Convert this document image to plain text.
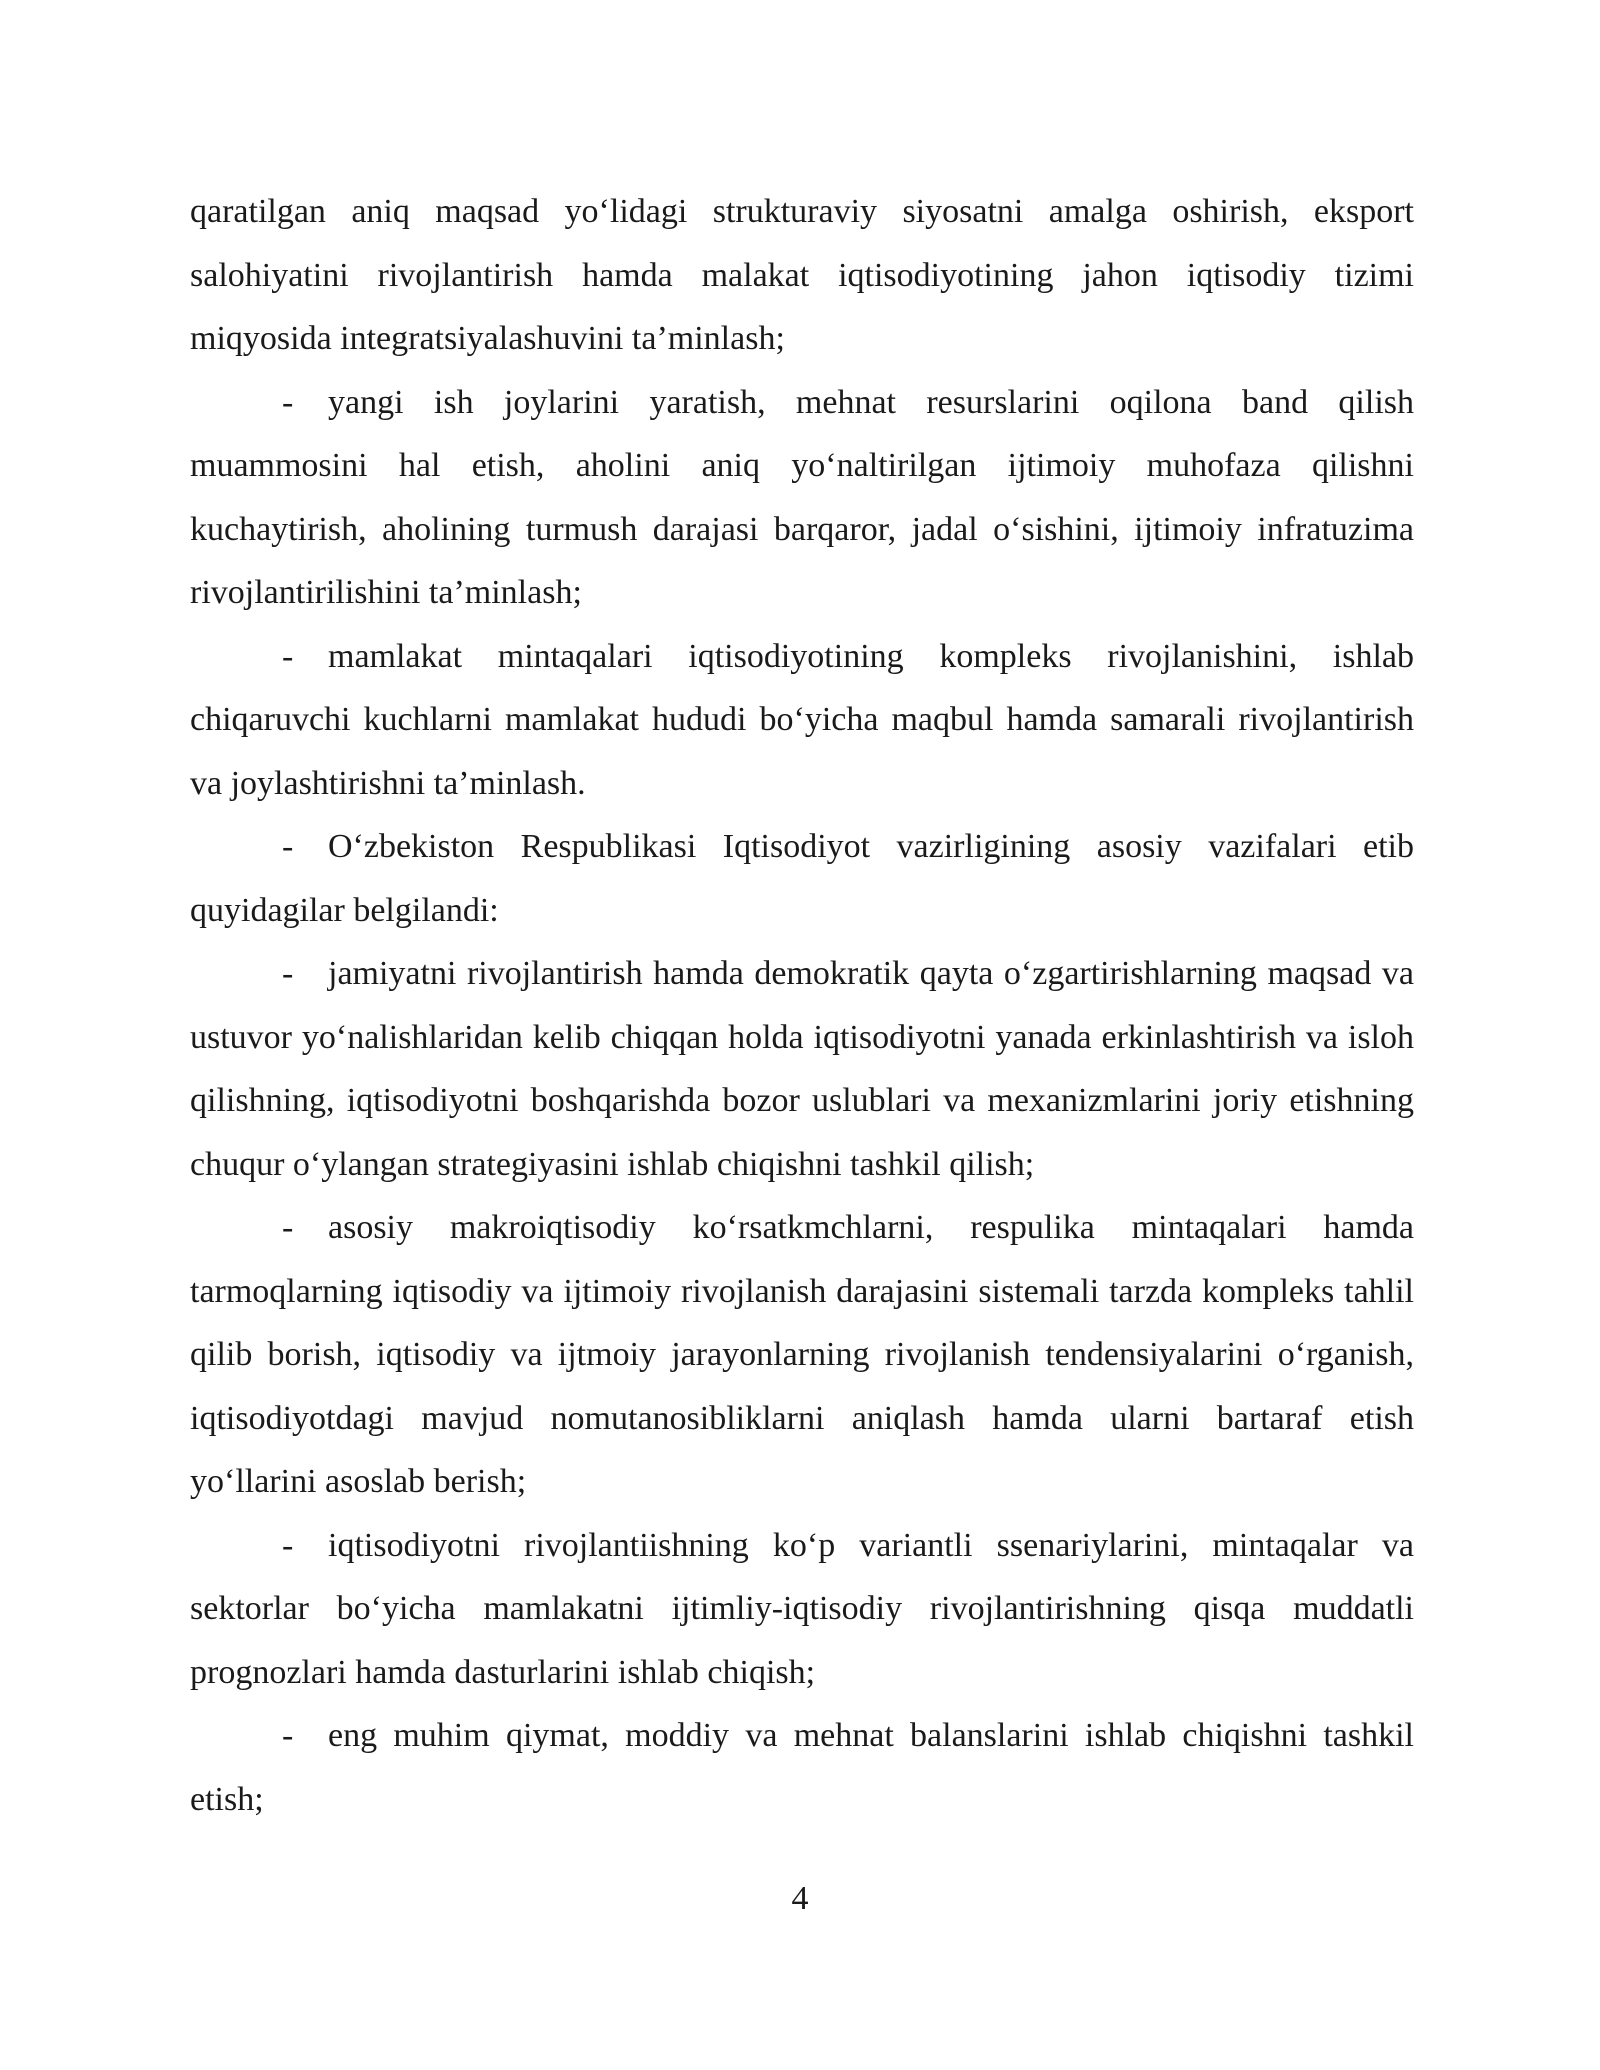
qaratilgan aniq maqsad yo‘lidagi strukturaviy siyosatni amalga oshirish, eksport salohiyatini rivojlantirish hamda malakat iqtisodiyotining jahon iqtisodiy tizimi miqyosida integratsiyalashuvini ta’minlash;

- yangi ish joylarini yaratish, mehnat resurslarini oqilona band qilish muammosini hal etish, aholini aniq yo‘naltirilgan ijtimoiy muhofaza qilishni kuchaytirish, aholining turmush darajasi barqaror, jadal o‘sishini, ijtimoiy infratuzima rivojlantirilishini ta’minlash;

- mamlakat mintaqalari iqtisodiyotining kompleks rivojlanishini, ishlab chiqaruvchi kuchlarni mamlakat hududi bo‘yicha maqbul hamda samarali rivojlantirish va joylashtirishni ta’minlash.

- O‘zbekiston Respublikasi Iqtisodiyot vazirligining asosiy vazifalari etib quyidagilar belgilandi:

- jamiyatni rivojlantirish hamda demokratik qayta o‘zgartirishlarning maqsad va ustuvor yo‘nalishlaridan kelib chiqqan holda iqtisodiyotni yanada erkinlashtirish va isloh qilishning, iqtisodiyotni boshqarishda bozor uslublari va mexanizmlarini joriy etishning chuqur o‘ylangan strategiyasini ishlab chiqishni tashkil qilish;

- asosiy makroiqtisodiy ko‘rsatkmchlarni, respulika mintaqalari hamda tarmoqlarning iqtisodiy va ijtimoiy rivojlanish darajasini sistemali tarzda kompleks tahlil qilib borish, iqtisodiy va ijtmoiy jarayonlarning rivojlanish tendensiyalarini o‘rganish, iqtisodiyotdagi mavjud nomutanosibliklarni aniqlash hamda ularni bartaraf etish yo‘llarini asoslab berish;

- iqtisodiyotni rivojlantiishning ko‘p variantli ssenariylarini, mintaqalar va sektorlar bo‘yicha mamlakatni ijtimliy-iqtisodiy rivojlantirishning qisqa muddatli prognozlari hamda dasturlarini ishlab chiqish;

- eng muhim qiymat, moddiy va mehnat balanslarini ishlab chiqishni tashkil etish;

4
